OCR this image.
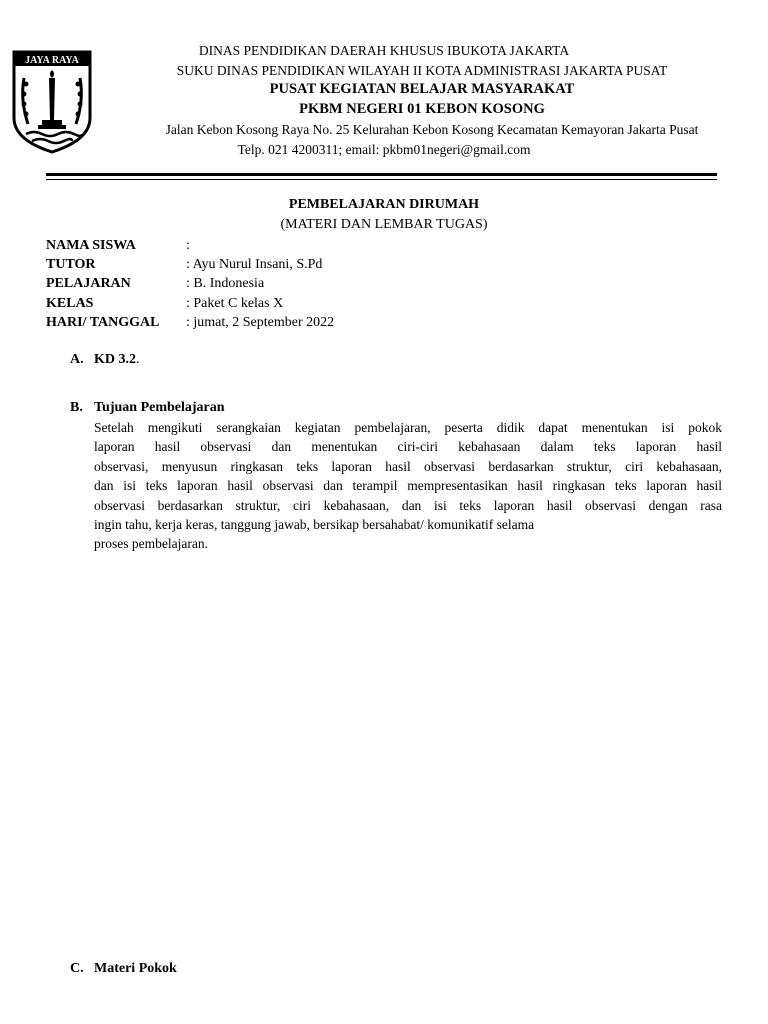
JAYA RAYA
DINAS PENDIDIKAN DAERAH KHUSUS IBUKOTA JAKARTA
SUKU DINAS PENDIDIKAN WILAYAH II KOTA ADMINISTRASI JAKARTA PUSAT
PUSAT KEGIATAN BELAJAR MASYARAKAT
PKBM NEGERI 01 KEBON KOSONG
Jalan Kebon Kosong Raya No. 25 Kelurahan Kebon Kosong Kecamatan Kemayoran Jakarta Pusat
Telp. 021 4200311; email: pkbm01negeri@gmail.com
PEMBELAJARAN DIRUMAH
(MATERI DAN LEMBAR TUGAS)
NAMA SISWA	:
TUTOR	: Ayu Nurul Insani, S.Pd
PELAJARAN	: B. Indonesia
KELAS	: Paket C kelas X
HARI/ TANGGAL : jumat, 2 September 2022
A. KD 3.2.
B. Tujuan Pembelajaran
Setelah mengikuti serangkaian kegiatan pembelajaran, peserta didik dapat menentukan isi pokok
laporan hasil observasi dan menentukan ciri-ciri kebahasaan dalam teks laporan hasil
observasi, menyusun ringkasan teks laporan hasil observasi berdasarkan struktur, ciri kebahasaan,
dan isi teks laporan hasil observasi dan terampil mempresentasikan hasil ringkasan teks laporan hasil
observasi berdasarkan struktur, ciri kebahasaan, dan isi teks laporan hasil observasi dengan rasa
ingin tahu, kerja keras, tanggung jawab, bersikap bersahabat/ komunikatif selama
proses pembelajaran.
C. Materi Pokok
